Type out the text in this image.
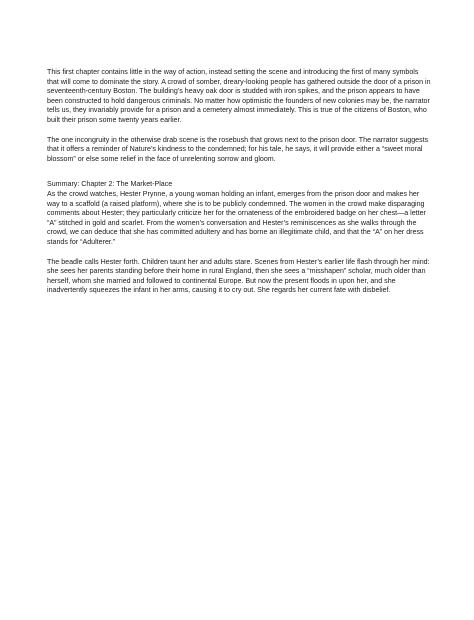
This first chapter contains little in the way of action, instead setting the scene and introducing the first of many symbols that will come to dominate the story. A crowd of somber, dreary-looking people has gathered outside the door of a prison in seventeenth-century Boston. The building’s heavy oak door is studded with iron spikes, and the prison appears to have been constructed to hold dangerous criminals. No matter how optimistic the founders of new colonies may be, the narrator tells us, they invariably provide for a prison and a cemetery almost immediately. This is true of the citizens of Boston, who built their prison some twenty years earlier.

The one incongruity in the otherwise drab scene is the rosebush that grows next to the prison door. The narrator suggests that it offers a reminder of Nature’s kindness to the condemned; for his tale, he says, it will provide either a “sweet moral blossom” or else some relief in the face of unrelenting sorrow and gloom.

Summary: Chapter 2: The Market-Place

As the crowd watches, Hester Prynne, a young woman holding an infant, emerges from the prison door and makes her way to a scaffold (a raised platform), where she is to be publicly condemned. The women in the crowd make disparaging comments about Hester; they particularly criticize her for the ornateness of the embroidered badge on her chest—a letter “A” stitched in gold and scarlet. From the women’s conversation and Hester’s reminiscences as she walks through the crowd, we can deduce that she has committed adultery and has borne an illegitimate child, and that the “A” on her dress stands for “Adulterer.”

The beadle calls Hester forth. Children taunt her and adults stare. Scenes from Hester’s earlier life flash through her mind: she sees her parents standing before their home in rural England, then she sees a “misshapen” scholar, much older than herself, whom she married and followed to continental Europe. But now the present floods in upon her, and she inadvertently squeezes the infant in her arms, causing it to cry out. She regards her current fate with disbelief.
